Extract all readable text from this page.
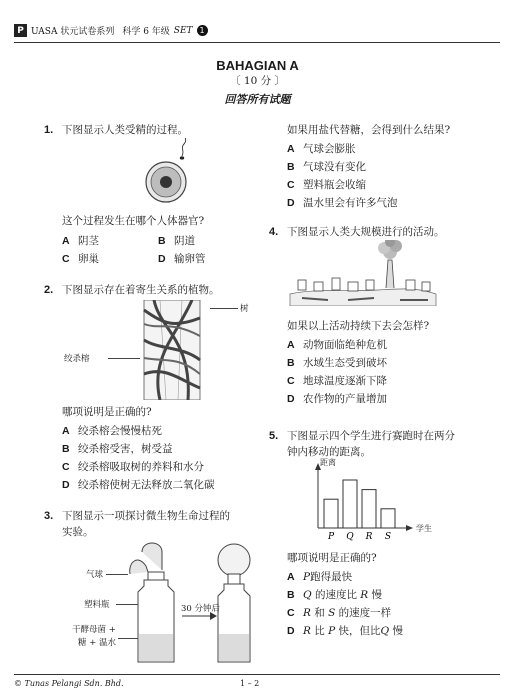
P UASA 状元试卷系列 科学 6 年级 SET 1
BAHAGIAN A
〔 10 分 〕
回答所有试题
1. 下图显示人类受精的过程。
这个过程发生在哪个人体器官?
A 阴茎	B 阴道
C 卵巢	D 输卵管
2. 下图显示存在着寄生关系的植物。
树
绞杀榕
哪项说明是正确的?
A 绞杀榕会慢慢枯死
B 绞杀榕受害，树受益
C 绞杀榕吸取树的养料和水分
D 绞杀榕使树无法释放二氧化碳
3. 下图显示一项探讨微生物生命过程的
实验。
气球
塑料瓶
干酵母菌 +
糖 + 温水
30 分钟后
如果用盐代替糖，会得到什么结果?
A 气球会膨胀
B 气球没有变化
C 塑料瓶会收缩
D 温水里会有许多气泡
4. 下图显示人类大规模进行的活动。
如果以上活动持续下去会怎样?
A 动物面临绝种危机
B 水域生态受到破坏
C 地球温度逐渐下降
D 农作物的产量增加
5. 下图显示四个学生进行赛跑时在两分
钟内移动的距离。
距离
学生
P Q R S
哪项说明是正确的?
A P跑得最快
B Q 的速度比 R 慢
C R 和 S 的速度一样
D R 比 P 快，但比Q 慢
© Tunas Pelangi Sdn. Bhd.	1 – 2
